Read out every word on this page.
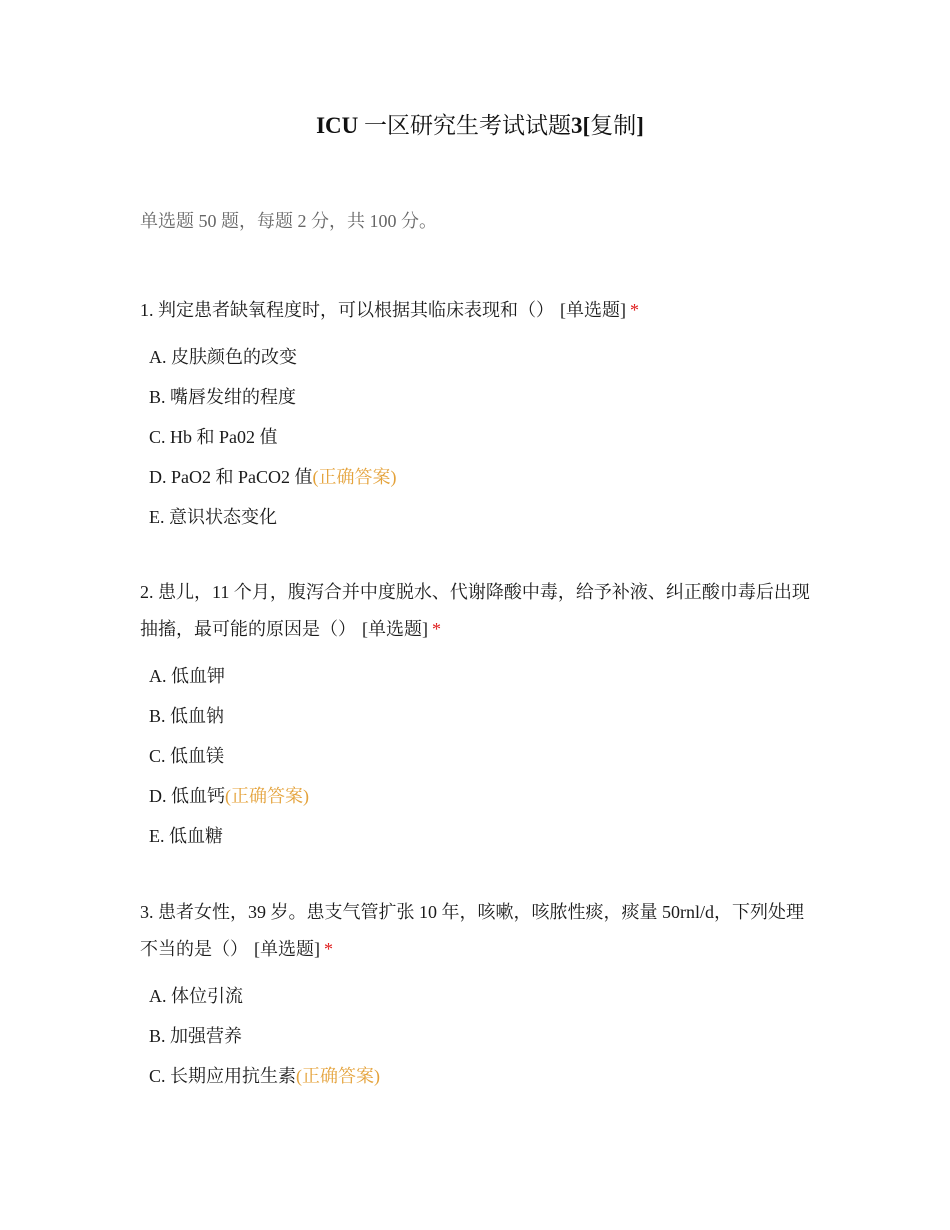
ICU 一区研究生考试试题3[复制]
单选题 50 题，每题 2 分，共 100 分。

1. 判定患者缺氧程度时，可以根据其临床表现和（） [单选题] *

A. 皮肤颜色的改变
B. 嘴唇发绀的程度
C. Hb 和 Pa02 值
D. PaO2 和 PaCO2 值(正确答案)
E. 意识状态变化

2. 患儿，11 个月，腹泻合并中度脱水、代谢降酸中毒，给予补液、纠正酸巾毒后出现抽搐，最可能的原因是（） [单选题] *

A. 低血钾
B. 低血钠
C. 低血镁
D. 低血钙(正确答案)
E. 低血糖

3. 患者女性，39 岁。患支气管扩张 10 年，咳嗽，咳脓性痰，痰量 50rnl/d，下列处理不当的是（） [单选题] *

A. 体位引流
B. 加强营养
C. 长期应用抗生素(正确答案)
